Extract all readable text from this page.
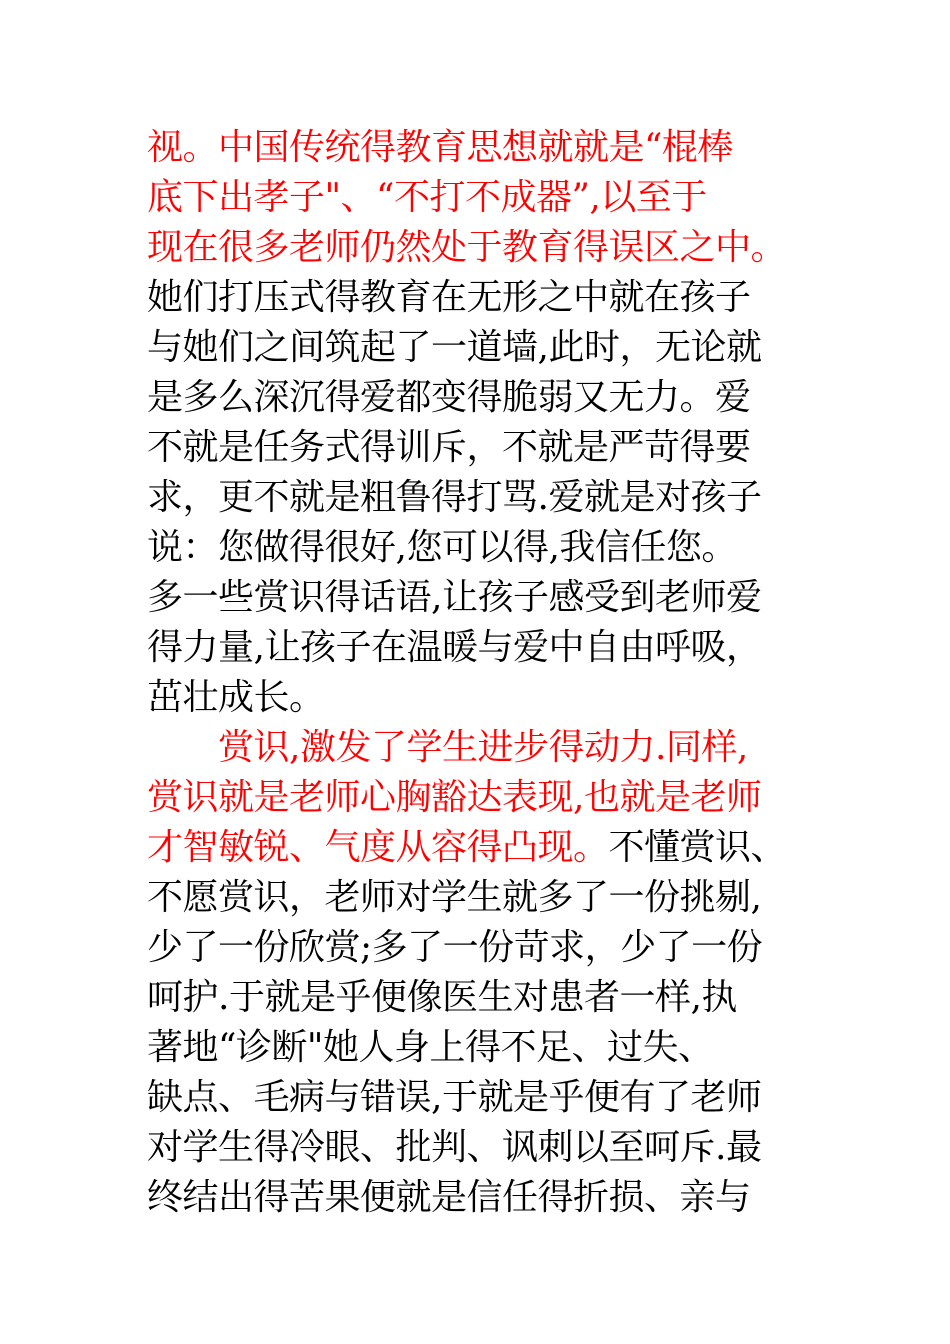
视。中国传统得教育思想就就是“棍棒
底下出孝子"、“不打不成器”,以至于
现在很多老师仍然处于教育得误区之中。
她们打压式得教育在无形之中就在孩子
与她们之间筑起了一道墙,此时，无论就
是多么深沉得爱都变得脆弱又无力。爱
不就是任务式得训斥，不就是严苛得要
求，更不就是粗鲁得打骂.爱就是对孩子
说：您做得很好,您可以得,我信任您。
多一些赏识得话语,让孩子感受到老师爱
得力量,让孩子在温暖与爱中自由呼吸，
茁壮成长。
　　赏识,激发了学生进步得动力.同样,
赏识就是老师心胸豁达表现,也就是老师
才智敏锐、气度从容得凸现。不懂赏识、
不愿赏识，老师对学生就多了一份挑剔,
少了一份欣赏;多了一份苛求，少了一份
呵护.于就是乎便像医生对患者一样,执
著地“诊断"她人身上得不足、过失、
缺点、毛病与错误,于就是乎便有了老师
对学生得冷眼、批判、讽刺以至呵斥.最
终结出得苦果便就是信任得折损、亲与
